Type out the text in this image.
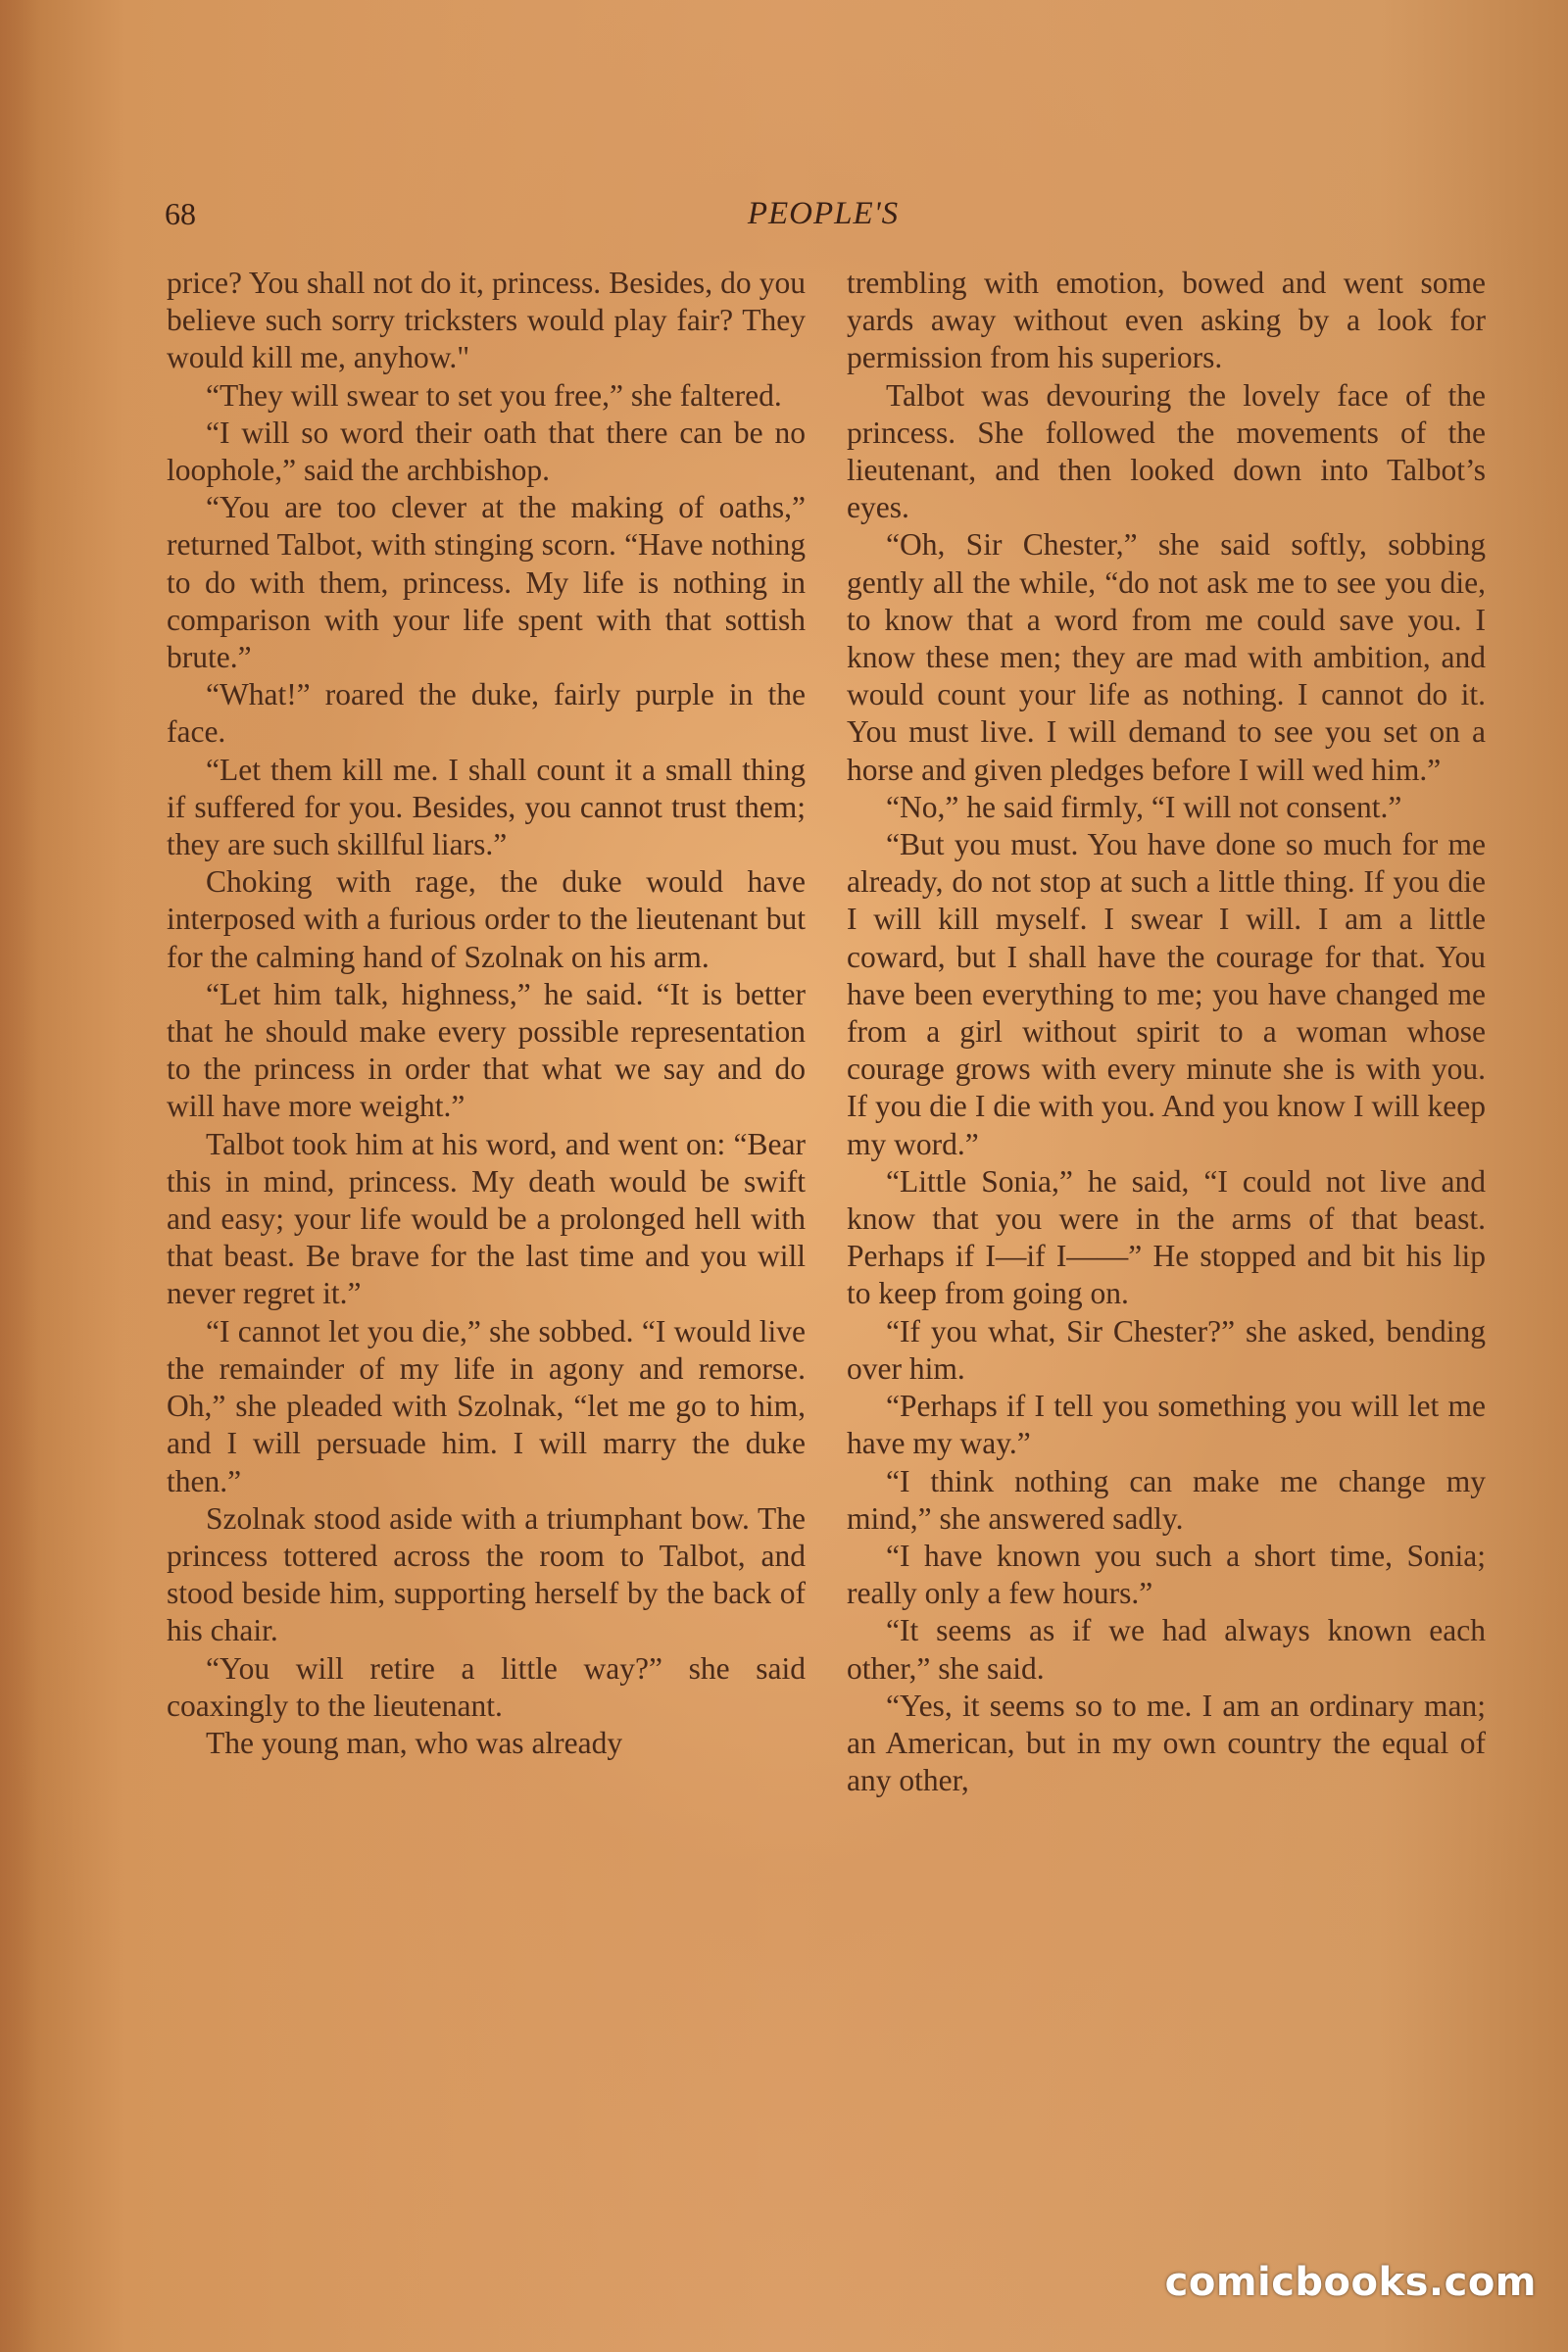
68	PEOPLE'S

price? You shall not do it, princess. Besides, do you believe such sorry tricksters would play fair? They would kill me, anyhow."

“They will swear to set you free,” she faltered.

“I will so word their oath that there can be no loophole,” said the archbishop.

“You are too clever at the making of oaths,” returned Talbot, with stinging scorn. “Have nothing to do with them, princess. My life is nothing in comparison with your life spent with that sottish brute.”

“What!” roared the duke, fairly purple in the face.

“Let them kill me. I shall count it a small thing if suffered for you. Besides, you cannot trust them; they are such skillful liars.”

Choking with rage, the duke would have interposed with a furious order to the lieutenant but for the calming hand of Szolnak on his arm.

“Let him talk, highness,” he said. “It is better that he should make every possible representation to the princess in order that what we say and do will have more weight.”

Talbot took him at his word, and went on: “Bear this in mind, princess. My death would be swift and easy; your life would be a prolonged hell with that beast. Be brave for the last time and you will never regret it.”

“I cannot let you die,” she sobbed. “I would live the remainder of my life in agony and remorse. Oh,” she pleaded with Szolnak, “let me go to him, and I will persuade him. I will marry the duke then.”

Szolnak stood aside with a triumphant bow. The princess tottered across the room to Talbot, and stood beside him, supporting herself by the back of his chair.

“You will retire a little way?” she said coaxingly to the lieutenant.

The young man, who was already

trembling with emotion, bowed and went some yards away without even asking by a look for permission from his superiors.

Talbot was devouring the lovely face of the princess. She followed the movements of the lieutenant, and then looked down into Talbot’s eyes.

“Oh, Sir Chester,” she said softly, sobbing gently all the while, “do not ask me to see you die, to know that a word from me could save you. I know these men; they are mad with ambition, and would count your life as nothing. I cannot do it. You must live. I will demand to see you set on a horse and given pledges before I will wed him.”

“No,” he said firmly, “I will not consent.”

“But you must. You have done so much for me already, do not stop at such a little thing. If you die I will kill myself. I swear I will. I am a little coward, but I shall have the courage for that. You have been everything to me; you have changed me from a girl without spirit to a woman whose courage grows with every minute she is with you. If you die I die with you. And you know I will keep my word.”

“Little Sonia,” he said, “I could not live and know that you were in the arms of that beast. Perhaps if I—if I——” He stopped and bit his lip to keep from going on.

“If you what, Sir Chester?” she asked, bending over him.

“Perhaps if I tell you something you will let me have my way.”

“I think nothing can make me change my mind,” she answered sadly.

“I have known you such a short time, Sonia; really only a few hours.”

“It seems as if we had always known each other,” she said.

“Yes, it seems so to me. I am an ordinary man; an American, but in my own country the equal of any other,

comicbooks.com
